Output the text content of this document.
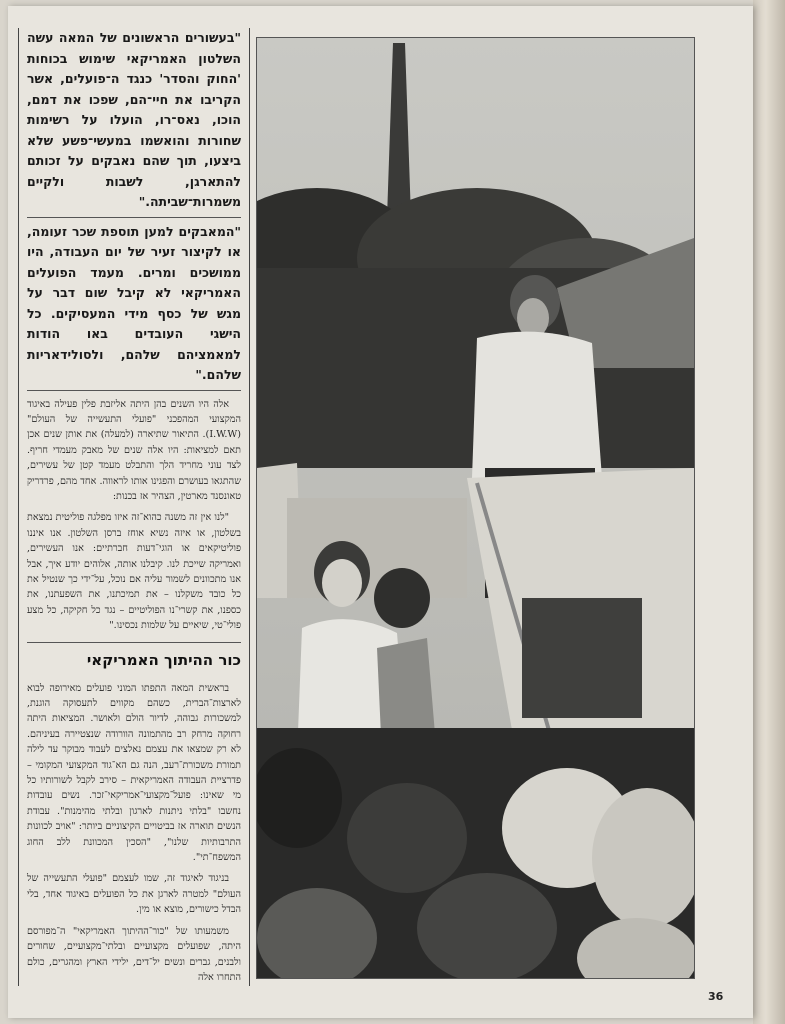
"בעשורים הראשונים של המאה עשה השלטון האמריקאי שימוש בכוחות 'החוק והסדר' כנגד ה־פועלים, אשר הקריבו את חיי־הם, שפכו את דמם, הוכו, נאס־רו, הועלו על רשימות שחורות והואשמו במעשי־פשע שלא ביצעו, תוך שהם נאבקים על זכותם להתארגן, לשבות ולקיים משמרות־שביתה."

"המאבקים למען תוספת שכר זעומה, או לקיצור זעיר של יום העבודה, היו ממושכים ומרים. מעמד הפועלים האמריקאי לא קיבל שום דבר על מגש של כסף מידי המעסיקים. כל הישגי העובדים באו הודות למאמציהם שלהם, ולסולידאריות שלהם."

אלה היו השנים בהן היתה אליזבת פלין פעילה באיגוד המקצועי המהפכני "פועלי התעשייה של העולם" (I.W.W). התיאור שתיארה (למעלה) את אותן שנים אכן תאם למציאות: היו אלה שנים של מאבק מעמדי חריף. לצד עוני מחריד הלך והתבלט מעמד קטן של עשירים, שהתגאו בעושרם והפגינו אותו לראווה. אחד מהם, פרדריק טאונסנד מארטין, הצהיר אז בכנות:

"לנו אין זה משנה כהוא־זה איזו מפלגה פוליטית נמצאת בשלטון, או איזה נשיא אוחז ברסן השלטון. אנו איננו פוליטיקאים או הוגי־דעות חברתיים: אנו העשירים, ואמריקה שייכת לנו. קיבלנו אותה, אלוהים יודע איך, אבל אנו מתכוונים לשמור עליה אם נוכל, על־ידי כך שנטיל את כל כובד משקלנו – את תמיכתנו, את השפעתנו, את כספנו, את קשרי־נו הפוליטיים – נגד כל חקיקה, כל מצע פולי־טי, שיאיים על שלמות נכסינו."

כור ההיתוך האמריקאי

בראשית המאה התפתו המוני פועלים מאירופה לבוא לארצות־הברית, כשהם מקווים לתעסוקה הוגנת, למשכורות גבוהה, לדיור הולם ולאושר. המציאות היתה רחוקה מרחק רב מהתמונה הוורודה שנצטיירה בעיניהם. לא רק שמצאו את עצמם נאלצים לעבוד מבוקר עד לילה תמורת משכורת־רעב, הנה גם הא־גוד המקצועי המקומי – פדרציית העבודה האמריקאית – סירב לקבל לשורותיו כל מי שאינו: פועל־מקצועי־אמריקאי־זכר. נשים עובדות נחשבו "בלתי ניתנות לארגון ובלתי מהימנות". עבודת הנשים תוארה אז בביטויים הקיצוניים ביותר: "אויב לכוונות התרבותיות שלנו", "הסכין המכוונת ללב החוג המשפח־תי".

בניגוד לאיגוד זה, שמו לעצמם "פועלי התעשייה של העולם" למטרה לארגן את כל הפועלים באיגוד אחד, בלי הבדל כישורים, מוצא או מין.

משמעותו של "כור־ההיתוך האמריקאי" ה־מפורסם היתה, שפועלים מקצועיים ובלתי־מקצועיים, שחורים ולבנים, גברים ונשים יל־דים, ילידי הארץ ומהגרים, כולם התחרו אלה

36
